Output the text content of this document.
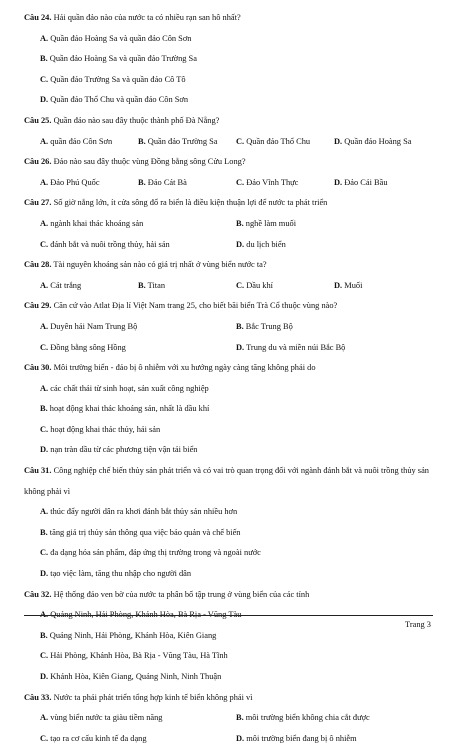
Câu 24. Hải quần đảo nào của nước ta có nhiều rạn san hô nhất?
A. Quần đảo Hoàng Sa và quần đảo Côn Sơn
B. Quần đảo Hoàng Sa và quần đảo Trường Sa
C. Quần đảo Trường Sa và quần đảo Cô Tô
D. Quần đảo Thổ Chu và quần đảo Côn Sơn
Câu 25. Quần đảo nào sau đây thuộc thành phố Đà Nẵng?
A. quần đảo Côn Sơn	B. Quần đảo Trường Sa	C. Quần đảo Thổ Chu	D. Quần đảo Hoàng Sa
Câu 26. Đảo nào sau đây thuộc vùng Đồng bằng sông Cửu Long?
A. Đảo Phú Quốc	B. Đảo Cát Bà	C. Đảo Vĩnh Thực	D. Đảo Cái Bầu
Câu 27. Số giờ nắng lớn, ít cửa sông đổ ra biển là điều kiện thuận lợi để nước ta phát triển
A. ngành khai thác khoáng sản	B. nghề làm muối
C. đánh bắt và nuôi trồng thủy, hải sản	D. du lịch biển
Câu 28. Tài nguyên khoáng sản nào có giá trị nhất ở vùng biển nước ta?
A. Cát trắng	B. Titan	C. Dầu khí	D. Muối
Câu 29. Căn cứ vào Atlat Địa lí Việt Nam trang 25, cho biết bãi biển Trà Cổ thuộc vùng nào?
A. Duyên hải Nam Trung Bộ	B. Bắc Trung Bộ
C. Đồng bằng sông Hồng	D. Trung du và miền núi Bắc Bộ
Câu 30. Môi trường biển - đảo bị ô nhiễm với xu hướng ngày càng tăng không phải do
A. các chất thải từ sinh hoạt, sản xuất công nghiệp
B. hoạt động khai thác khoáng sản, nhất là dầu khí
C. hoạt động khai thác thủy, hải sản
D. nạn tràn dầu từ các phương tiện vận tải biển
Câu 31. Công nghiệp chế biến thủy sản phát triển và có vai trò quan trọng đối với ngành đánh bắt và nuôi trồng thủy sản không phải vì
A. thúc đẩy người dân ra khơi đánh bắt thủy sản nhiều hơn
B. tăng giá trị thủy sản thông qua việc bảo quản và chế biến
C. đa dạng hóa sản phẩm, đáp ứng thị trường trong và ngoài nước
D. tạo việc làm, tăng thu nhập cho người dân
Câu 32. Hệ thống đảo ven bờ của nước ta phân bố tập trung ở vùng biển của các tỉnh
A. Quảng Ninh, Hải Phòng, Khánh Hòa, Bà Rịa - Vũng Tàu
B. Quảng Ninh, Hải Phòng, Khánh Hòa, Kiên Giang
C. Hải Phòng, Khánh Hòa, Bà Rịa - Vũng Tàu, Hà Tĩnh
D. Khánh Hòa, Kiên Giang, Quảng Ninh, Ninh Thuận
Câu 33. Nước ta phải phát triển tổng hợp kinh tế biển không phải vì
A. vùng biển nước ta giàu tiềm năng	B. môi trường biển không chia cắt được
C. tạo ra cơ cấu kinh tế đa dạng	D. môi trường biển đang bị ô nhiễm
Trang 3
